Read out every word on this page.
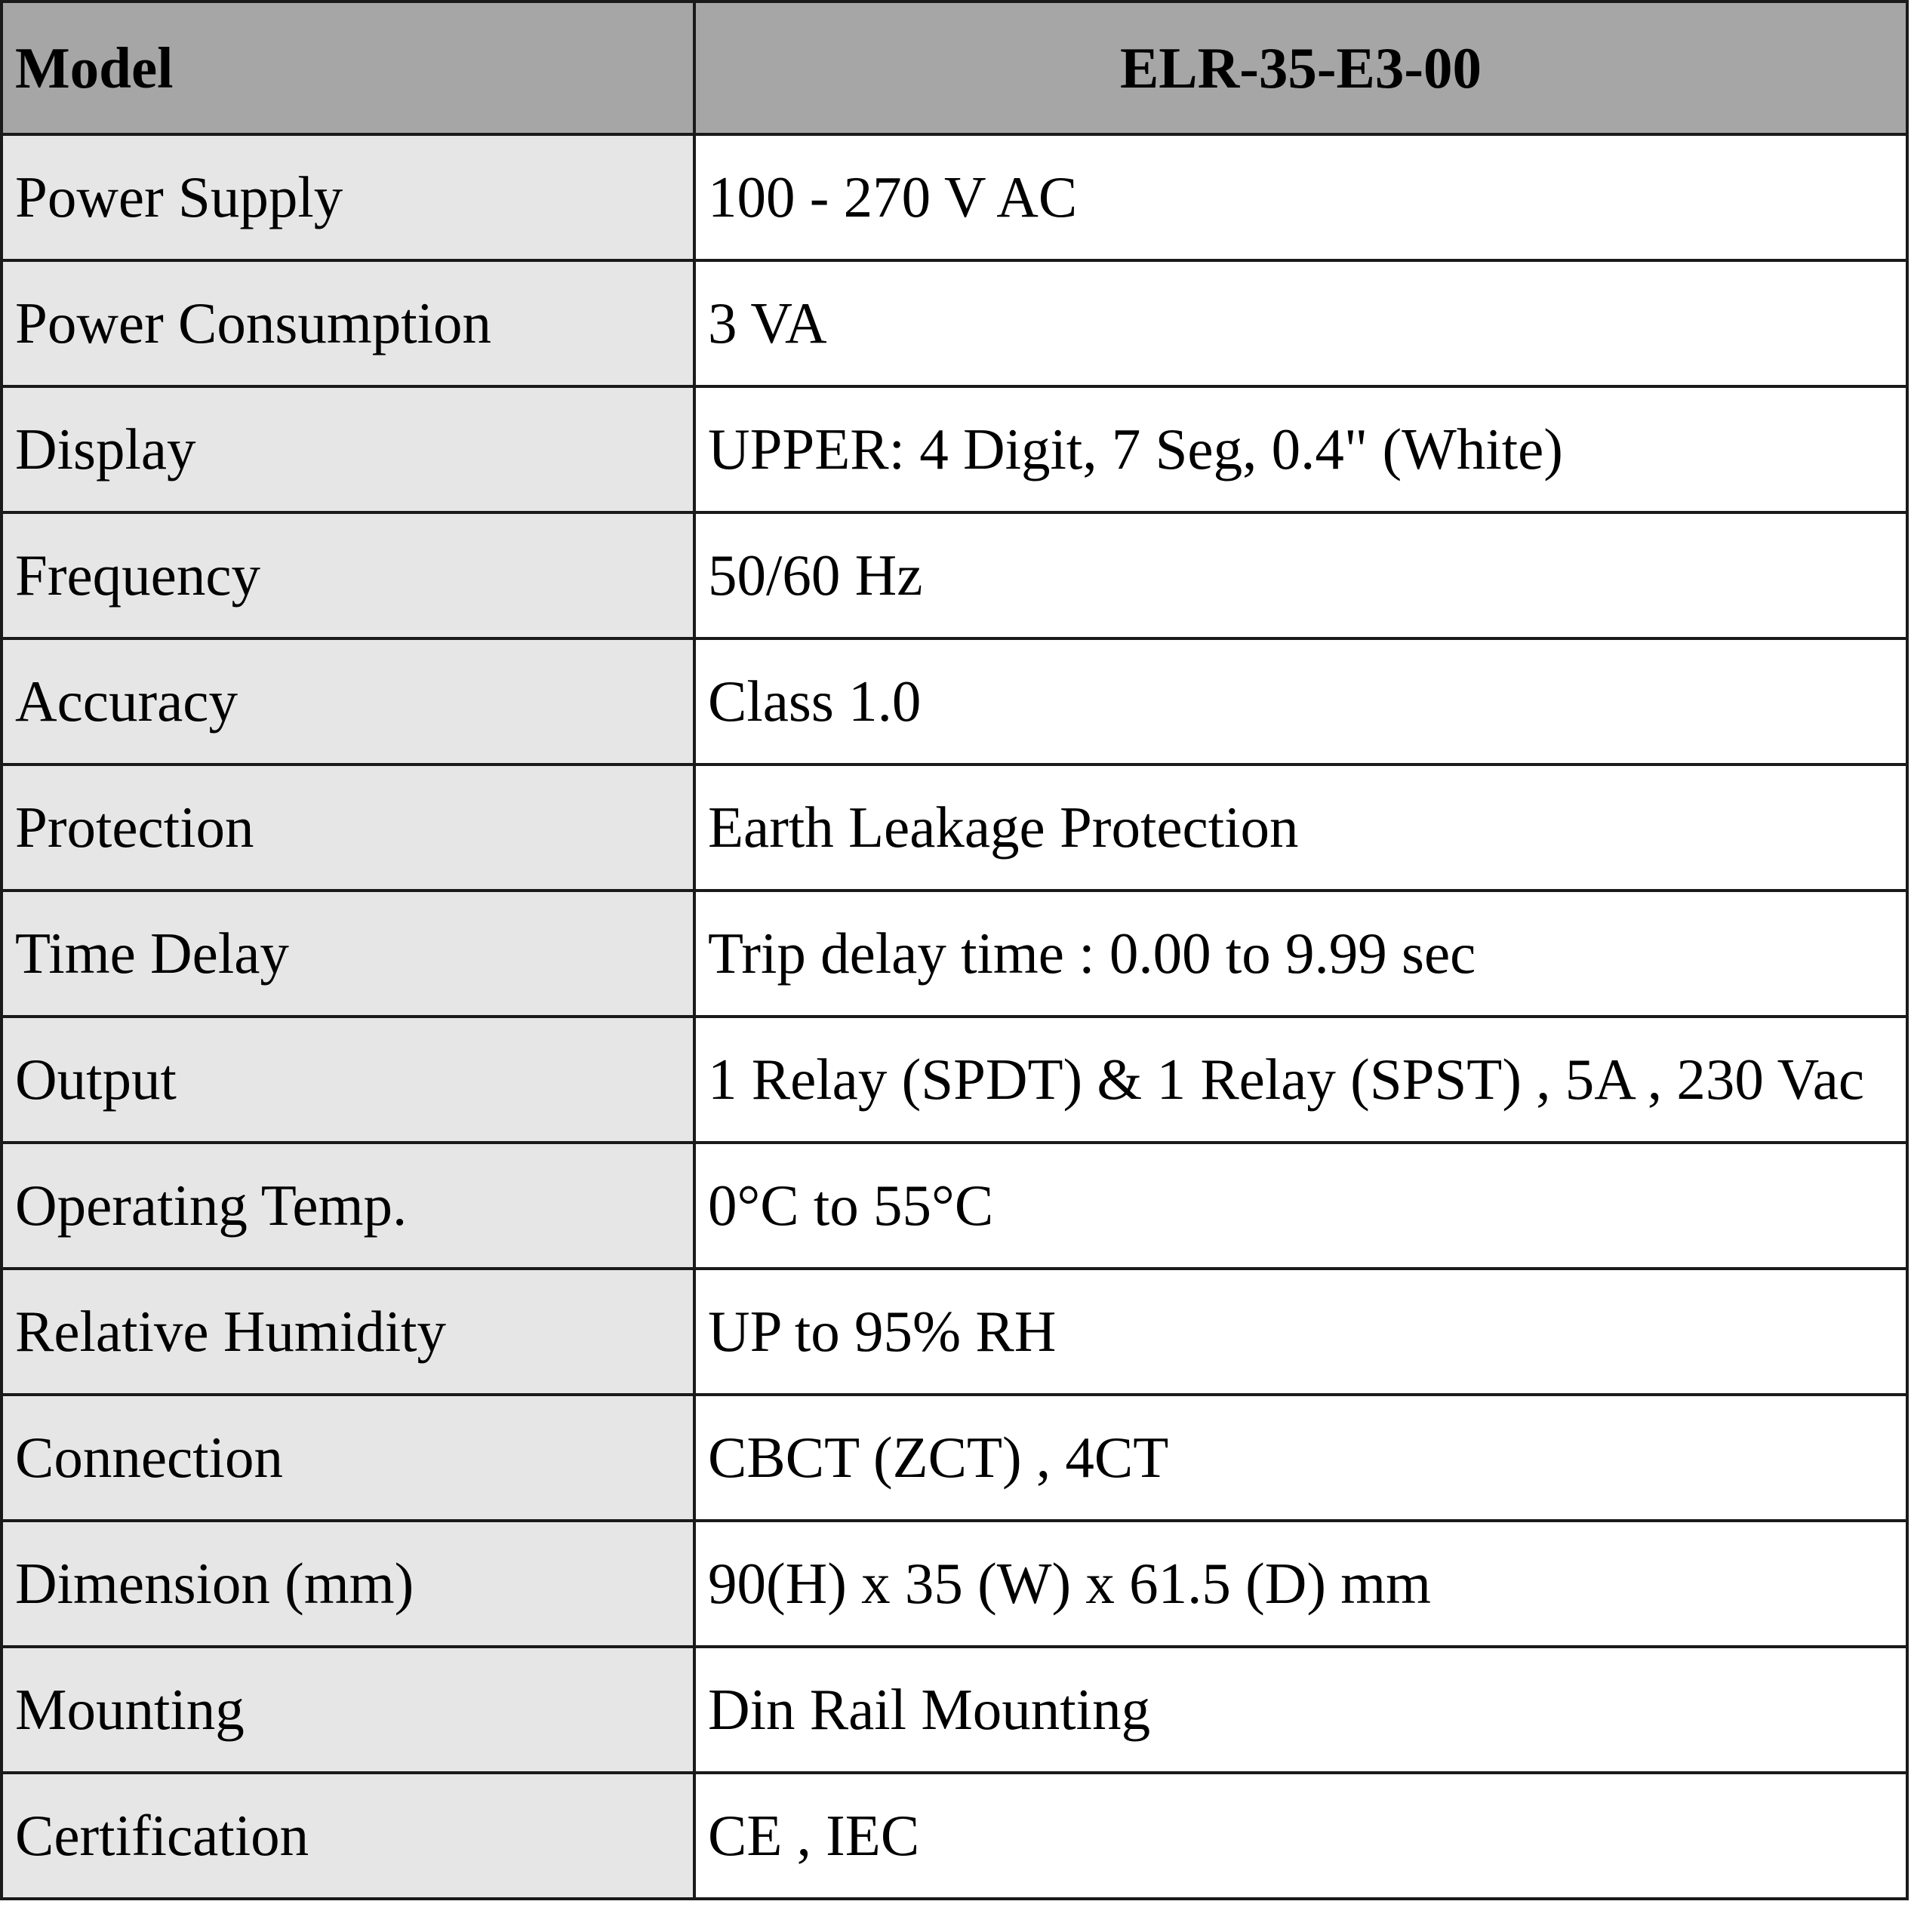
Model	ELR-35-E3-00
Power Supply	100 - 270 V AC
Power Consumption	3 VA
Display	UPPER: 4 Digit, 7 Seg, 0.4" (White)
Frequency	50/60 Hz
Accuracy	Class 1.0
Protection	Earth Leakage Protection
Time Delay	Trip delay time : 0.00 to 9.99 sec
Output	1 Relay (SPDT) & 1 Relay (SPST) , 5A , 230 Vac
Operating Temp.	0°C to 55°C
Relative Humidity	UP to 95% RH
Connection	CBCT (ZCT) , 4CT
Dimension (mm)	90(H) x 35 (W) x 61.5 (D) mm
Mounting	Din Rail Mounting
Certification	CE , IEC
